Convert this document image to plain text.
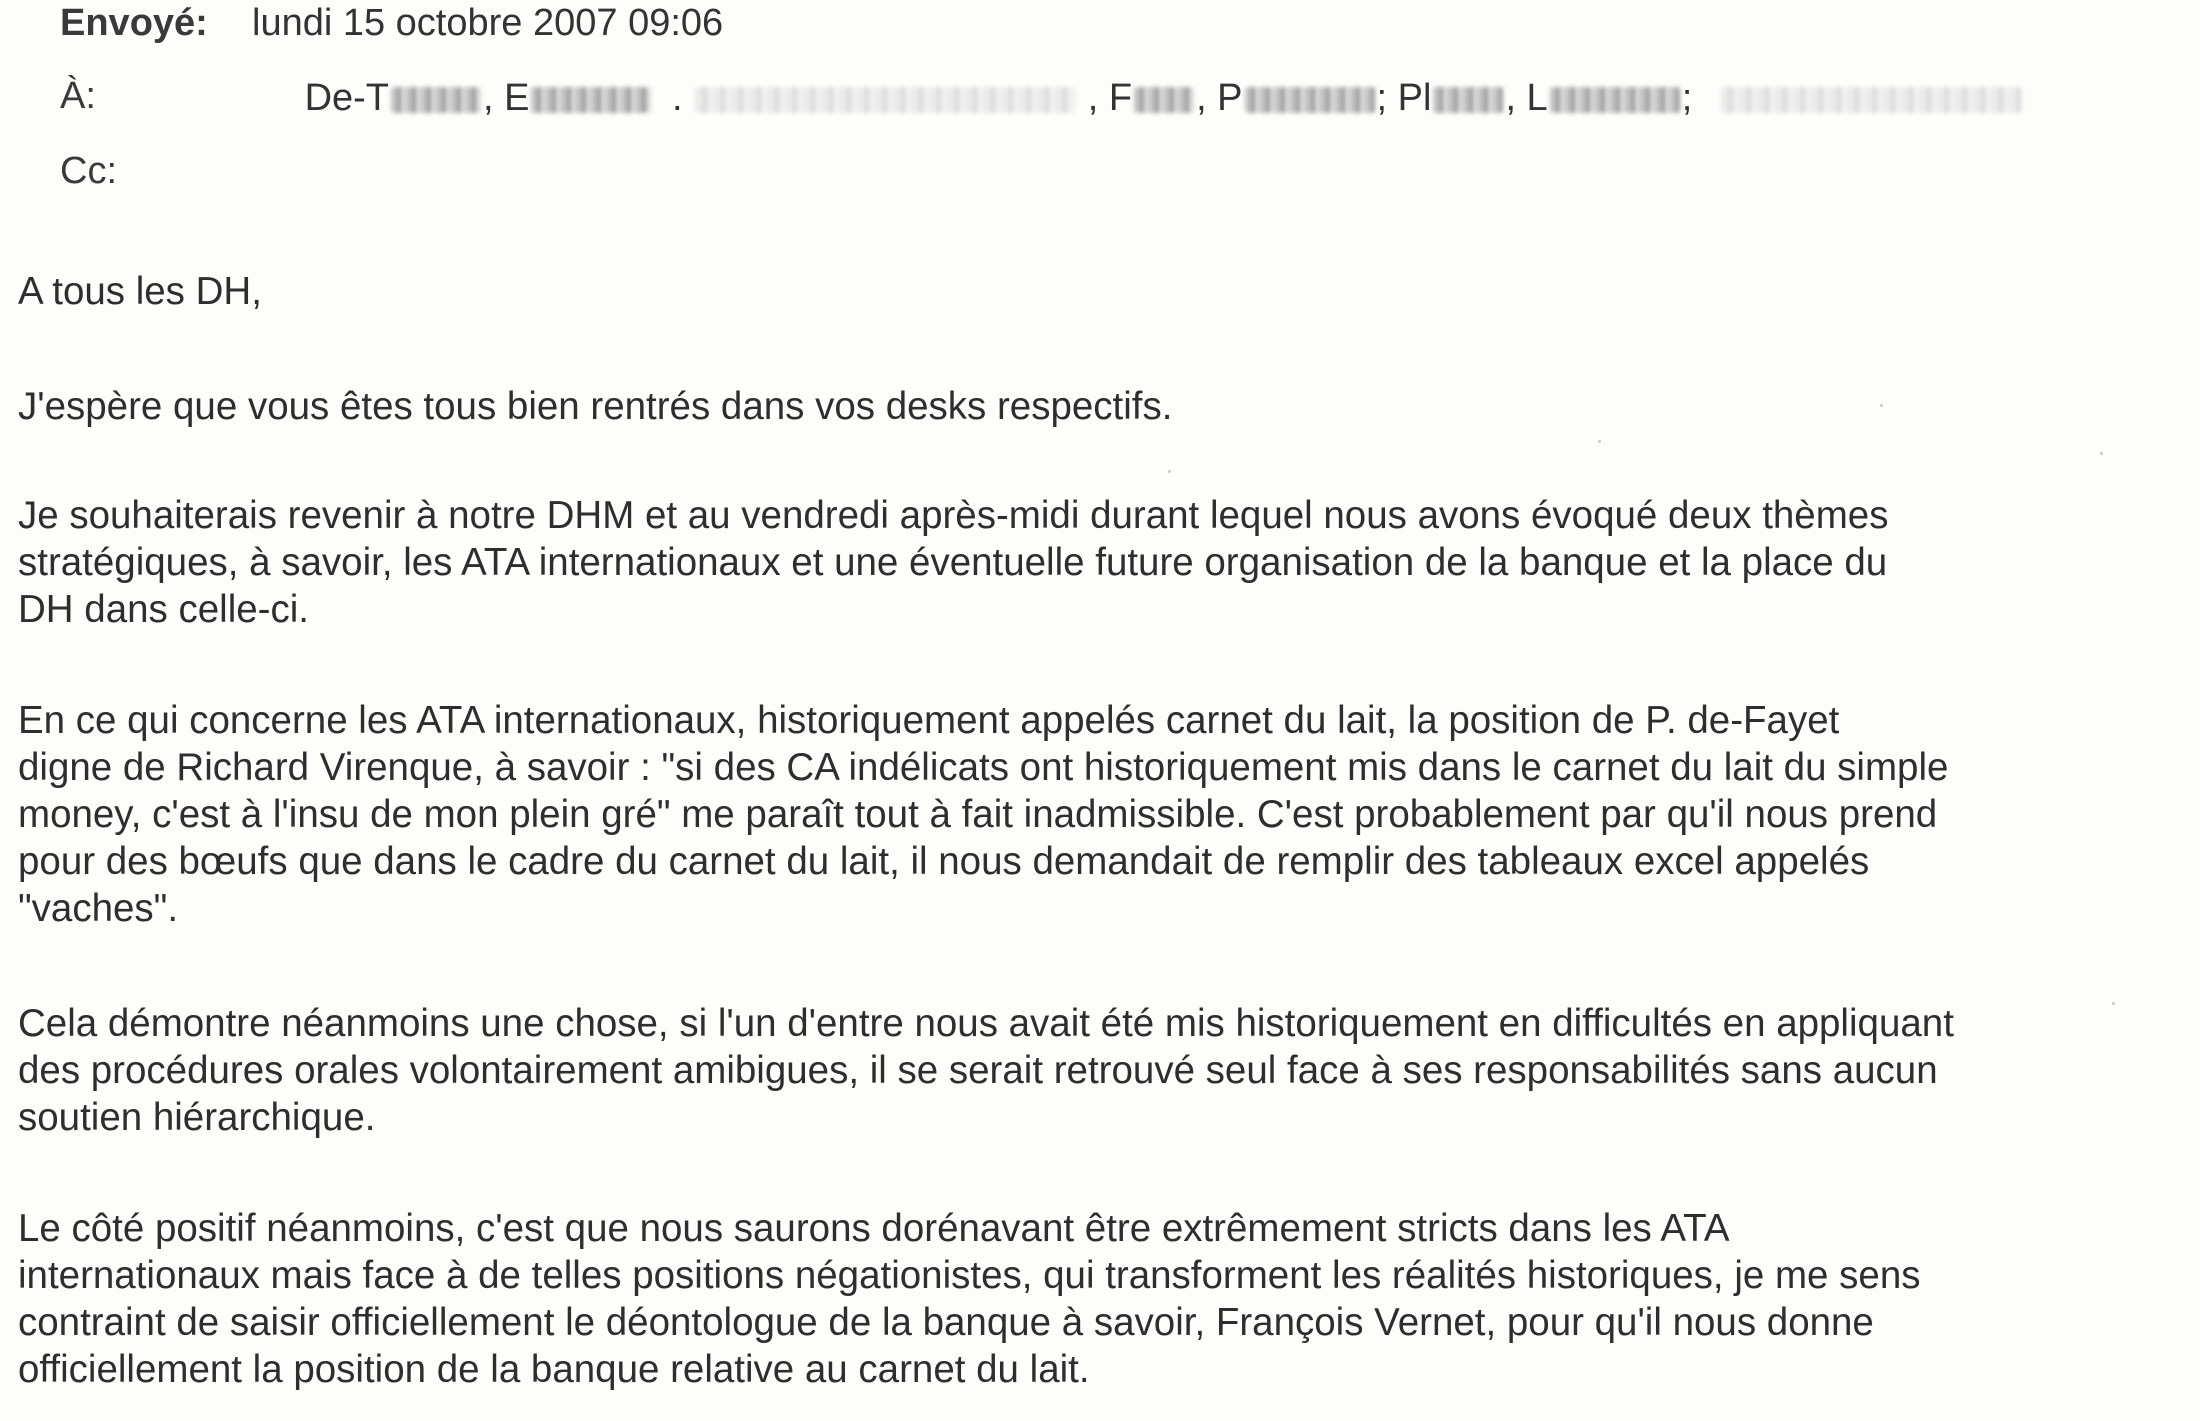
Envoyé: lundi 15 octobre 2007 09:06
À:	De-T , E	.	, F , P	; Pl , L	;
Cc:

A tous les DH,

J'espère que vous êtes tous bien rentrés dans vos desks respectifs.

Je souhaiterais revenir à notre DHM et au vendredi après-midi durant lequel nous avons évoqué deux thèmes
stratégiques, à savoir, les ATA internationaux et une éventuelle future organisation de la banque et la place du
DH dans celle-ci.

En ce qui concerne les ATA internationaux, historiquement appelés carnet du lait, la position de P. de-Fayet
digne de Richard Virenque, à savoir : "si des CA indélicats ont historiquement mis dans le carnet du lait du simple
money, c'est à l'insu de mon plein gré" me paraît tout à fait inadmissible. C'est probablement par qu'il nous prend
pour des bœufs que dans le cadre du carnet du lait, il nous demandait de remplir des tableaux excel appelés
"vaches".

Cela démontre néanmoins une chose, si l'un d'entre nous avait été mis historiquement en difficultés en appliquant
des procédures orales volontairement amibigues, il se serait retrouvé seul face à ses responsabilités sans aucun
soutien hiérarchique.

Le côté positif néanmoins, c'est que nous saurons dorénavant être extrêmement stricts dans les ATA
internationaux mais face à de telles positions négationistes, qui transforment les réalités historiques, je me sens
contraint de saisir officiellement le déontologue de la banque à savoir, François Vernet, pour qu'il nous donne
officiellement la position de la banque relative au carnet du lait.
